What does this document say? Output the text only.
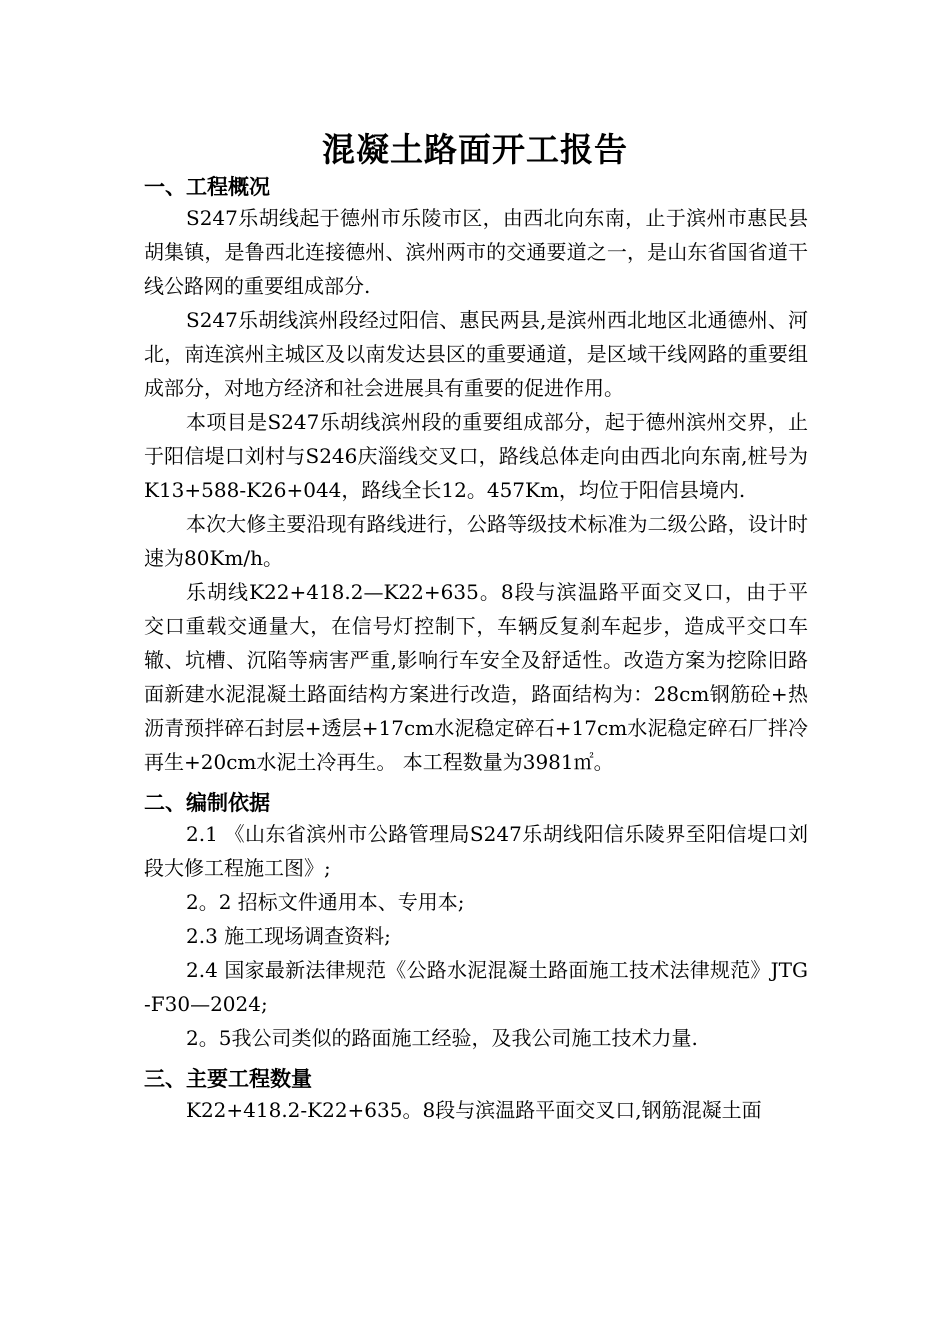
混凝土路面开工报告
一、工程概况

S247乐胡线起于德州市乐陵市区，由西北向东南，止于滨州市惠民县胡集镇，是鲁西北连接德州、滨州两市的交通要道之一，是山东省国省道干线公路网的重要组成部分.

S247乐胡线滨州段经过阳信、惠民两县,是滨州西北地区北通德州、河北，南连滨州主城区及以南发达县区的重要通道，是区域干线网路的重要组成部分，对地方经济和社会进展具有重要的促进作用。

本项目是S247乐胡线滨州段的重要组成部分，起于德州滨州交界，止于阳信堤口刘村与S246庆淄线交叉口，路线总体走向由西北向东南,桩号为K13+588-K26+044，路线全长12。457Km，均位于阳信县境内.

本次大修主要沿现有路线进行，公路等级技术标准为二级公路，设计时速为80Km/h。

乐胡线K22+418.2—K22+635。8段与滨温路平面交叉口，由于平交口重载交通量大，在信号灯控制下，车辆反复刹车起步，造成平交口车辙、坑槽、沉陷等病害严重,影响行车安全及舒适性。改造方案为挖除旧路面新建水泥混凝土路面结构方案进行改造，路面结构为：28cm钢筋砼+热沥青预拌碎石封层+透层+17cm水泥稳定碎石+17cm水泥稳定碎石厂拌冷再生+20cm水泥土冷再生。 本工程数量为3981㎡。

二、编制依据

2.1 《山东省滨州市公路管理局S247乐胡线阳信乐陵界至阳信堤口刘段大修工程施工图》;

2。2 招标文件通用本、专用本;

2.3 施工现场调查资料;

2.4 国家最新法律规范《公路水泥混凝土路面施工技术法律规范》JTG-F30—2024;

2。5我公司类似的路面施工经验，及我公司施工技术力量.

三、主要工程数量

K22+418.2-K22+635。8段与滨温路平面交叉口,钢筋混凝土面
